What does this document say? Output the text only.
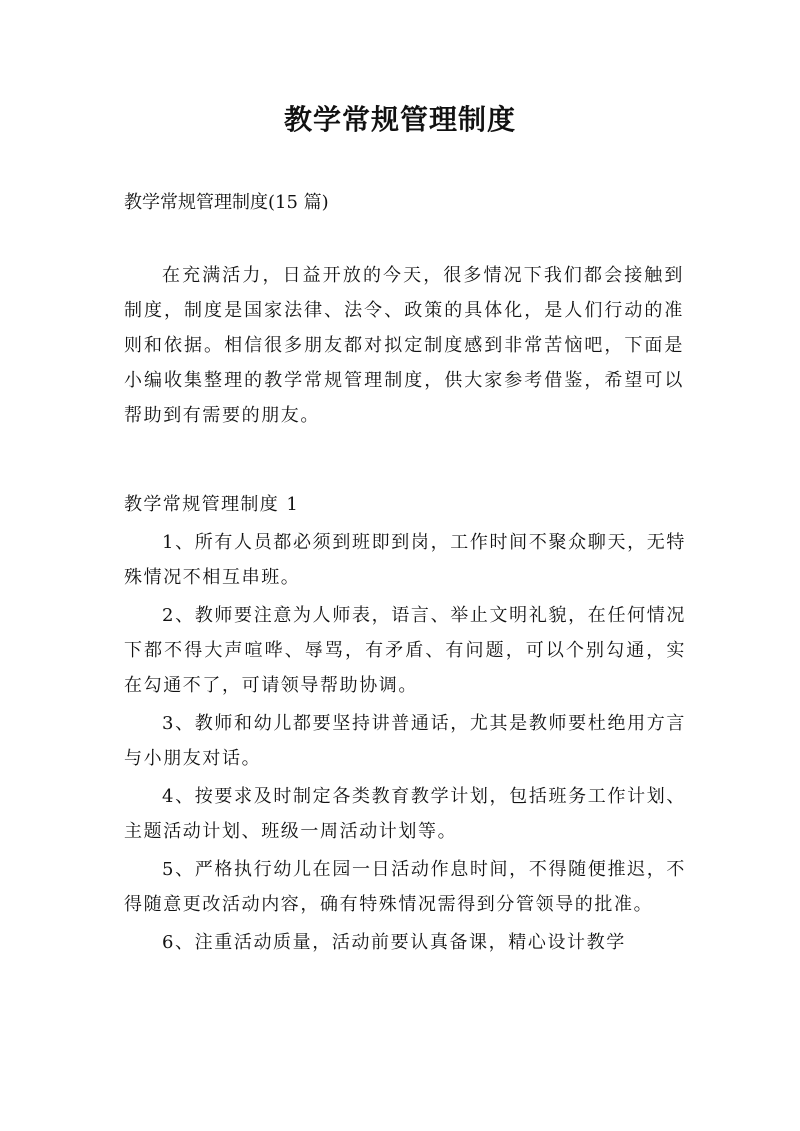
教学常规管理制度

教学常规管理制度(15 篇)

在充满活力，日益开放的今天，很多情况下我们都会接触到制度，制度是国家法律、法令、政策的具体化，是人们行动的准则和依据。相信很多朋友都对拟定制度感到非常苦恼吧，下面是小编收集整理的教学常规管理制度，供大家参考借鉴，希望可以帮助到有需要的朋友。

教学常规管理制度 1

1、所有人员都必须到班即到岗，工作时间不聚众聊天，无特殊情况不相互串班。
2、教师要注意为人师表，语言、举止文明礼貌，在任何情况下都不得大声喧哗、辱骂，有矛盾、有问题，可以个别勾通，实在勾通不了，可请领导帮助协调。
3、教师和幼儿都要坚持讲普通话，尤其是教师要杜绝用方言与小朋友对话。
4、按要求及时制定各类教育教学计划，包括班务工作计划、主题活动计划、班级一周活动计划等。
5、严格执行幼儿在园一日活动作息时间，不得随便推迟，不得随意更改活动内容，确有特殊情况需得到分管领导的批准。
6、注重活动质量，活动前要认真备课，精心设计教学
